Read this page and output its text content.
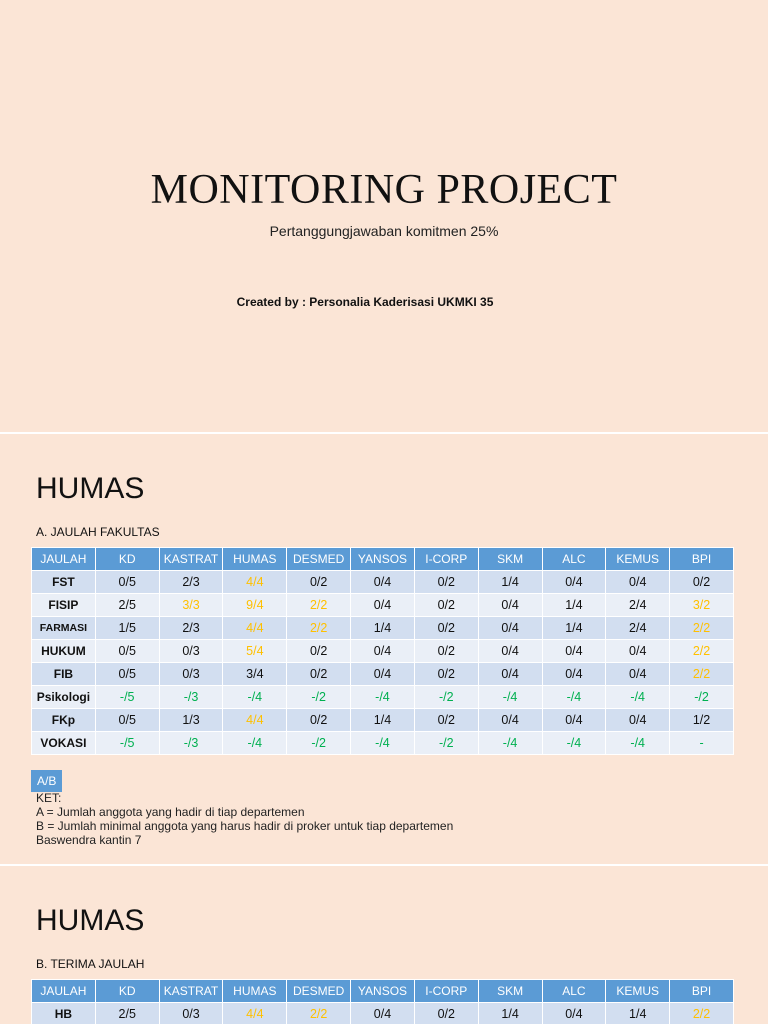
MONITORING PROJECT
Pertanggungjawaban komitmen 25%
Created by : Personalia Kaderisasi UKMKI 35
HUMAS
A. JAULAH FAKULTAS
JAULAH	KD	KASTRAT	HUMAS	DESMED	YANSOS	I-CORP	SKM	ALC	KEMUS	BPI
FST	0/5	2/3	4/4	0/2	0/4	0/2	1/4	0/4	0/4	0/2
FISIP	2/5	3/3	9/4	2/2	0/4	0/2	0/4	1/4	2/4	3/2
FARMASI	1/5	2/3	4/4	2/2	1/4	0/2	0/4	1/4	2/4	2/2
HUKUM	0/5	0/3	5/4	0/2	0/4	0/2	0/4	0/4	0/4	2/2
FIB	0/5	0/3	3/4	0/2	0/4	0/2	0/4	0/4	0/4	2/2
Psikologi	-/5	-/3	-/4	-/2	-/4	-/2	-/4	-/4	-/4	-/2
FKp	0/5	1/3	4/4	0/2	1/4	0/2	0/4	0/4	0/4	1/2
VOKASI	-/5	-/3	-/4	-/2	-/4	-/2	-/4	-/4	-/4	-
A/B
KET:
A = Jumlah anggota yang hadir di tiap departemen
B = Jumlah minimal anggota yang harus hadir di proker untuk tiap departemen
Baswendra kantin 7
HUMAS
B. TERIMA JAULAH
JAULAH	KD	KASTRAT	HUMAS	DESMED	YANSOS	I-CORP	SKM	ALC	KEMUS	BPI
HB	2/5	0/3	4/4	2/2	0/4	0/2	1/4	0/4	1/4	2/2
